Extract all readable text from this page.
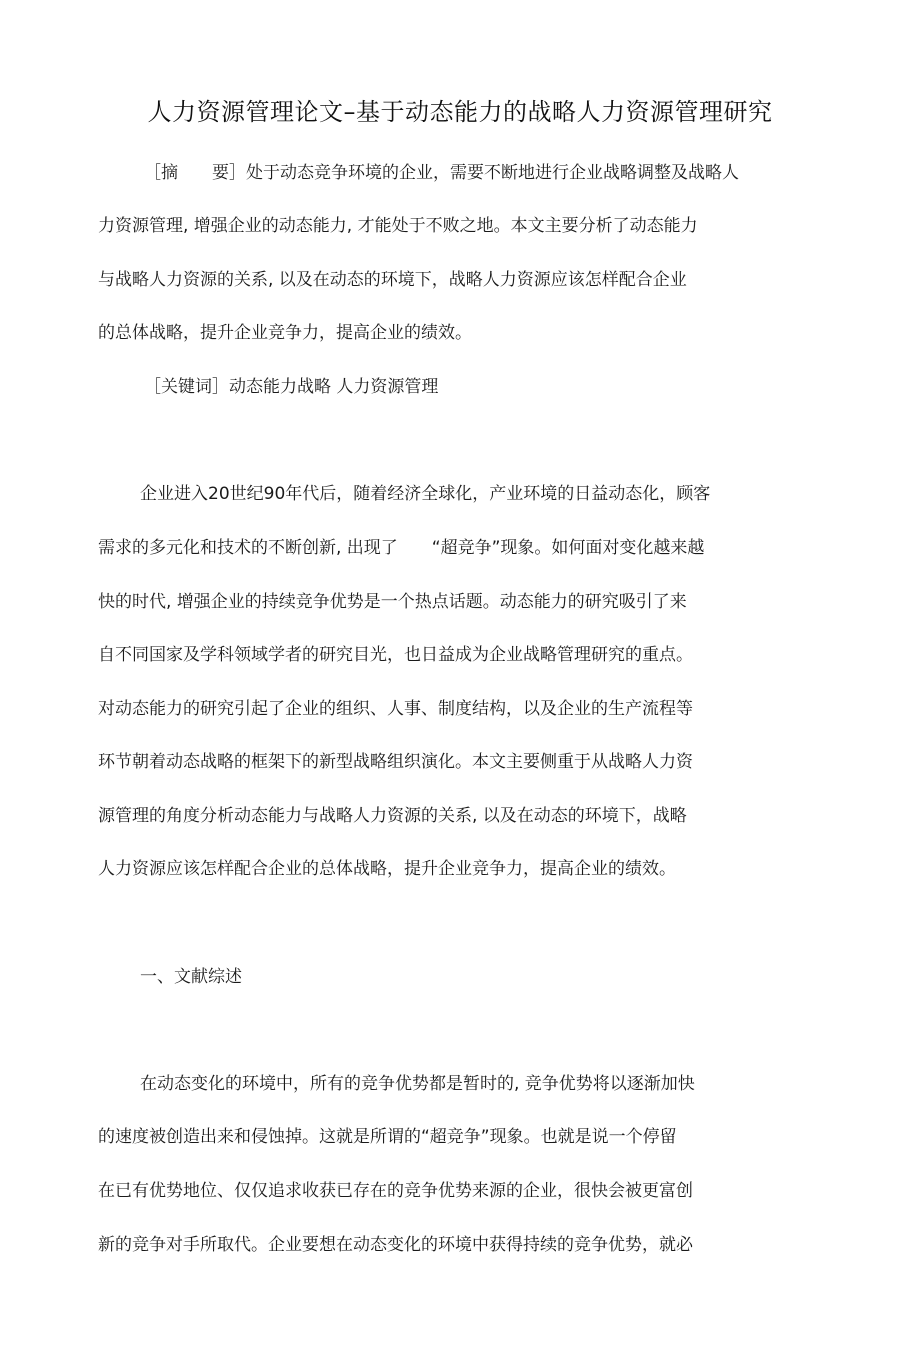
人力资源管理论文–基于动态能力的战略人力资源管理研究
［摘　　要］处于动态竞争环境的企业，需要不断地进行企业战略调整及战略人
力资源管理, 增强企业的动态能力, 才能处于不败之地。本文主要分析了动态能力
与战略人力资源的关系, 以及在动态的环境下，战略人力资源应该怎样配合企业
的总体战略，提升企业竞争力，提高企业的绩效。
［关键词］动态能力战略 人力资源管理
企业进入20世纪90年代后，随着经济全球化，产业环境的日益动态化，顾客
需求的多元化和技术的不断创新, 出现了　　“超竞争”现象。如何面对变化越来越
快的时代, 增强企业的持续竞争优势是一个热点话题。动态能力的研究吸引了来
自不同国家及学科领域学者的研究目光，也日益成为企业战略管理研究的重点。
对动态能力的研究引起了企业的组织、人事、制度结构，以及企业的生产流程等
环节朝着动态战略的框架下的新型战略组织演化。本文主要侧重于从战略人力资
源管理的角度分析动态能力与战略人力资源的关系, 以及在动态的环境下，战略
人力资源应该怎样配合企业的总体战略，提升企业竞争力，提高企业的绩效。
一、文献综述
在动态变化的环境中，所有的竞争优势都是暂时的, 竞争优势将以逐渐加快
的速度被创造出来和侵蚀掉。这就是所谓的“超竞争”现象。也就是说一个停留
在已有优势地位、仅仅追求收获已存在的竞争优势来源的企业，很快会被更富创
新的竞争对手所取代。企业要想在动态变化的环境中获得持续的竞争优势，就必
